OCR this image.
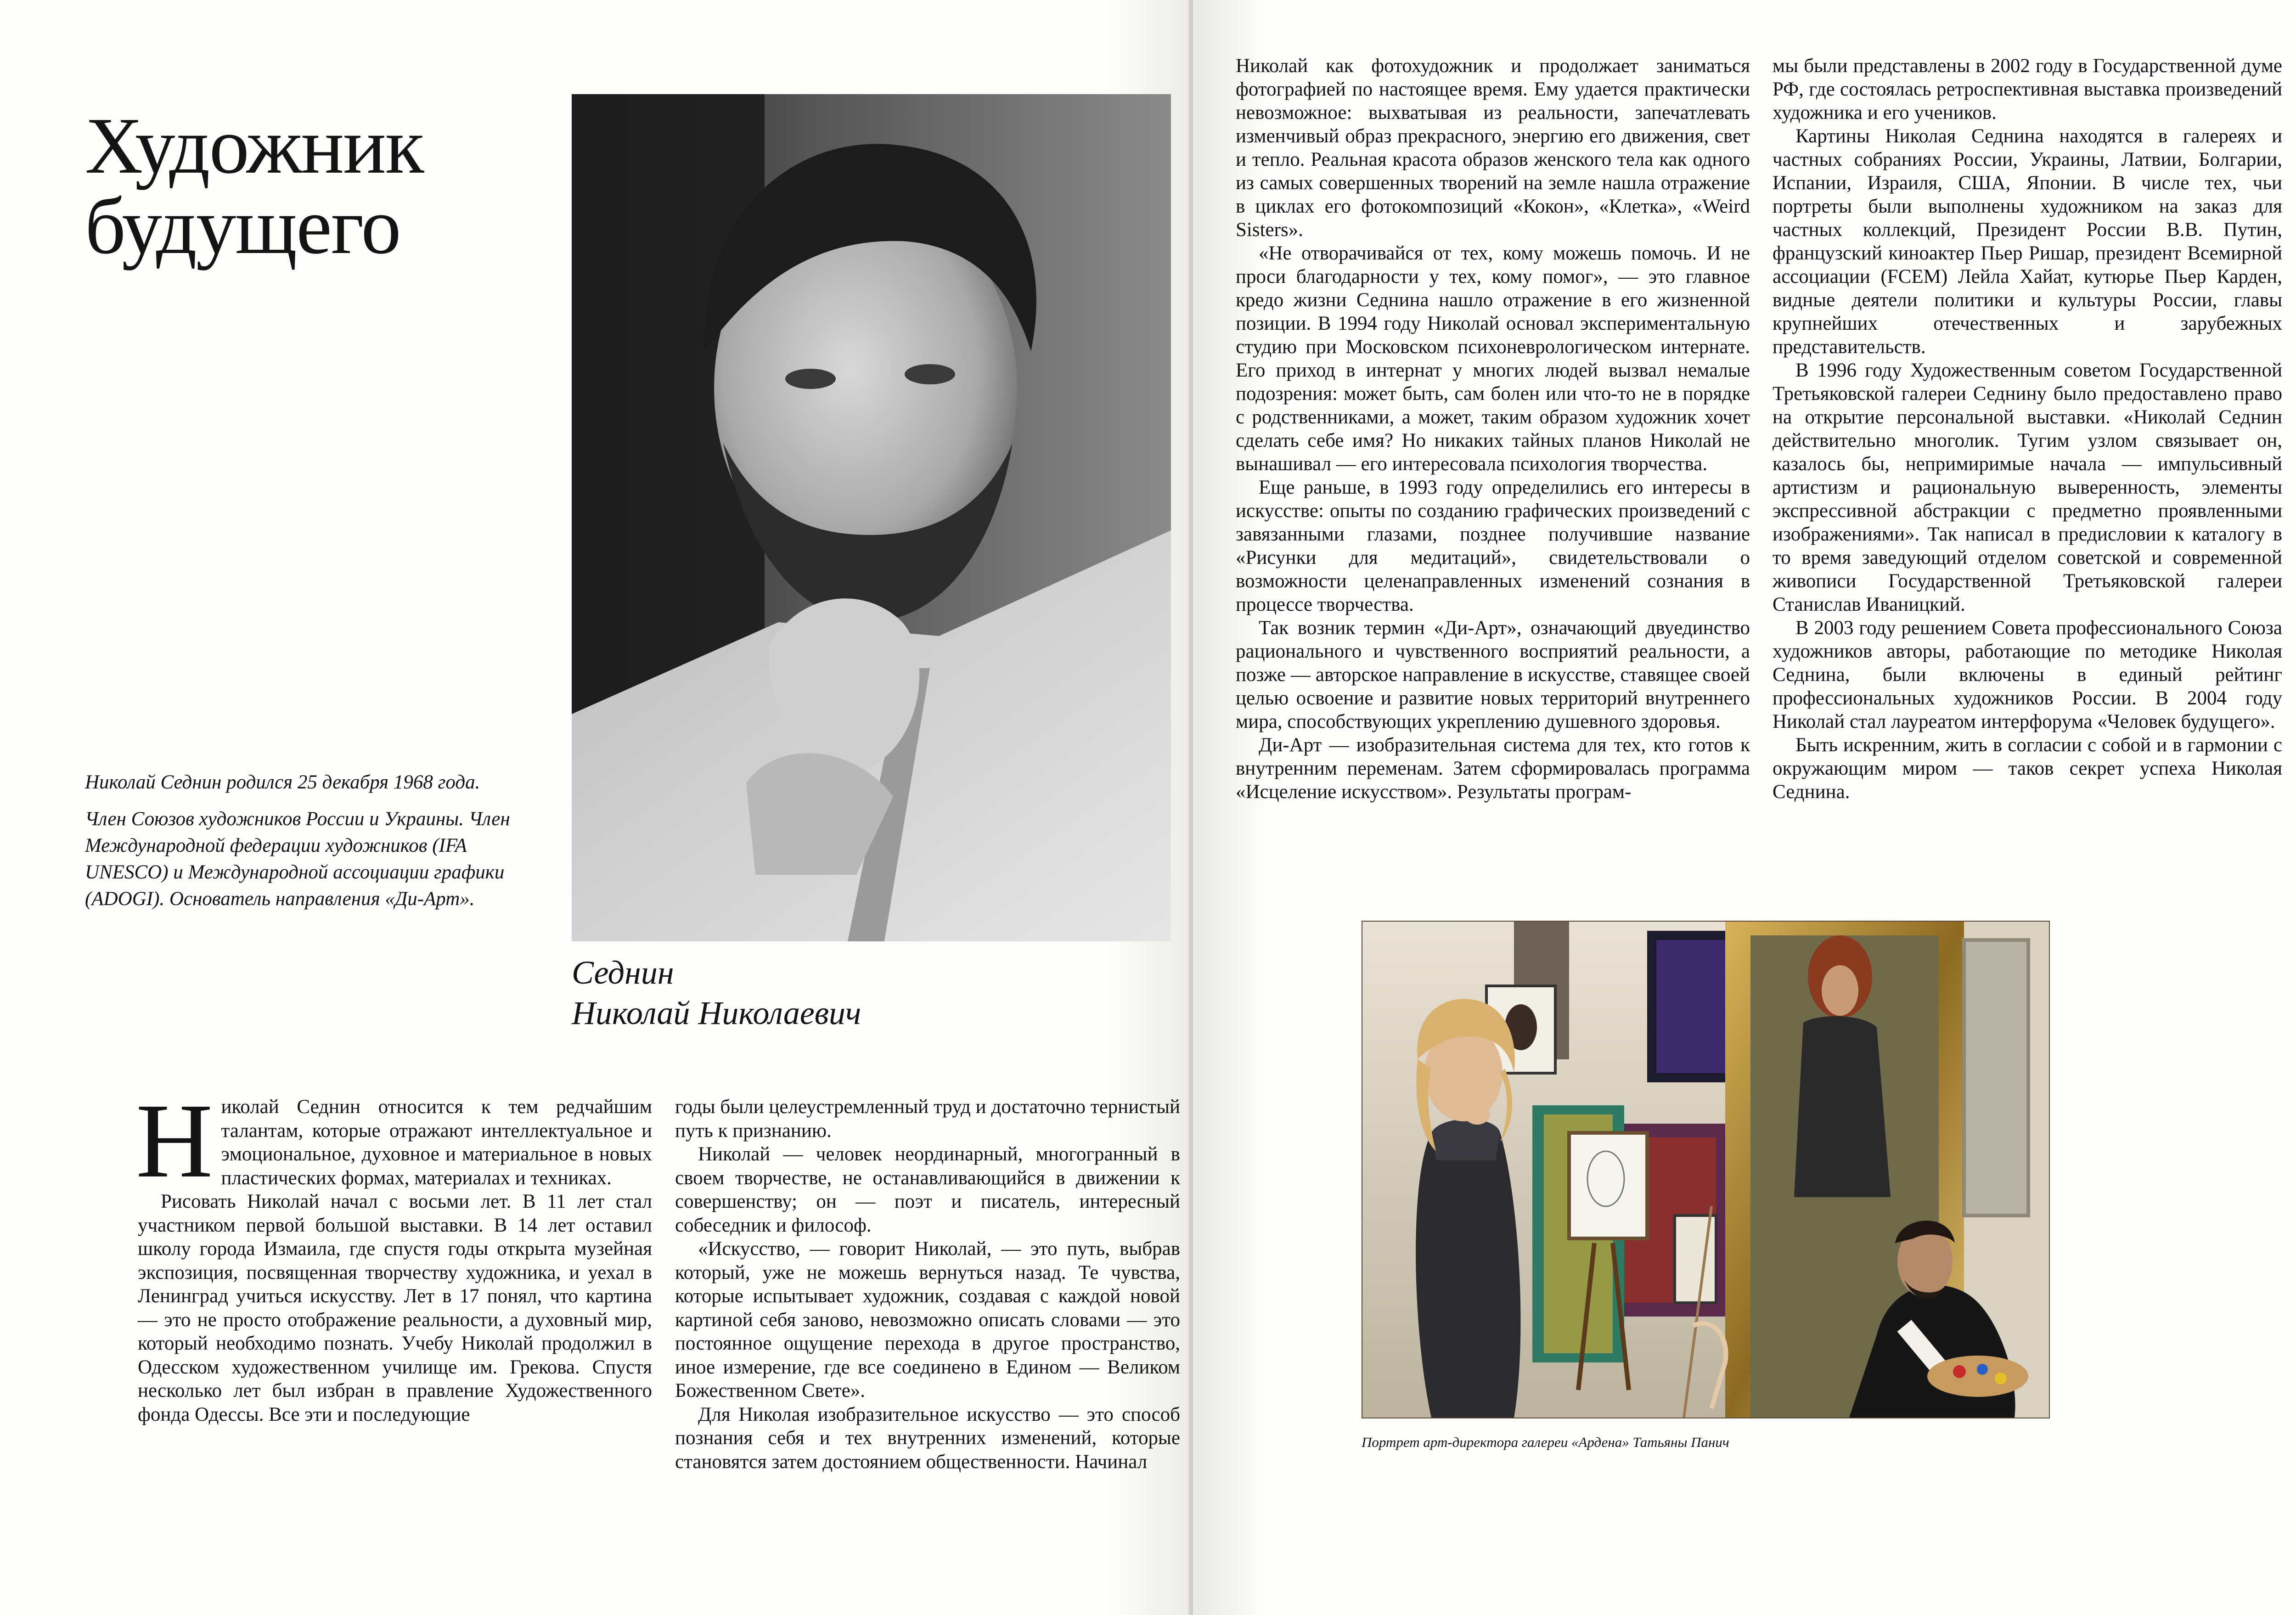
Художник
будущего

Николай Седнин родился 25 декабря 1968 года.

Член Союзов художников России и Украины. Член Международной федерации художников (IFA UNESCO) и Международной ассоциации графики (ADOGI). Основатель направления «Ди-Арт».

Седнин
Николай Николаевич

Николай Седнин относится к тем редчайшим талантам, которые отражают интеллектуальное и эмоциональное, духовное и материальное в новых пластических формах, материалах и техниках.

Рисовать Николай начал с восьми лет. В 11 лет стал участником первой большой выставки. В 14 лет оставил школу города Измаила, где спустя годы открыта музейная экспозиция, посвященная творчеству художника, и уехал в Ленинград учиться искусству. Лет в 17 понял, что картина — это не просто отображение реальности, а духовный мир, который необходимо познать. Учебу Николай продолжил в Одесском художественном училище им. Грекова. Спустя несколько лет был избран в правление Художественного фонда Одессы. Все эти и последующие

годы были целеустремленный труд и достаточно тернистый путь к признанию.

Николай — человек неординарный, многогранный в своем творчестве, не останавливающийся в движении к совершенству; он — поэт и писатель, интересный собеседник и философ.

«Искусство, — говорит Николай, — это путь, выбрав который, уже не можешь вернуться назад. Те чувства, которые испытывает художник, создавая с каждой новой картиной себя заново, невозможно описать словами — это постоянное ощущение перехода в другое пространство, иное измерение, где все соединено в Едином — Великом Божественном Свете».

Для Николая изобразительное искусство — это способ познания себя и тех внутренних изменений, которые становятся затем достоянием общественности. Начинал

Николай как фотохудожник и продолжает заниматься фотографией по настоящее время. Ему удается практически невозможное: выхватывая из реальности, запечатлевать изменчивый образ прекрасного, энергию его движения, свет и тепло. Реальная красота образов женского тела как одного из самых совершенных творений на земле нашла отражение в циклах его фотокомпозиций «Кокон», «Клетка», «Weird Sisters».

«Не отворачивайся от тех, кому можешь помочь. И не проси благодарности у тех, кому помог», — это главное кредо жизни Седнина нашло отражение в его жизненной позиции. В 1994 году Николай основал экспериментальную студию при Московском психоневрологическом интернате. Его приход в интернат у многих людей вызвал немалые подозрения: может быть, сам болен или что-то не в порядке с родственниками, а может, таким образом художник хочет сделать себе имя? Но никаких тайных планов Николай не вынашивал — его интересовала психология творчества.

Еще раньше, в 1993 году определились его интересы в искусстве: опыты по созданию графических произведений с завязанными глазами, позднее получившие название «Рисунки для медитаций», свидетельствовали о возможности целенаправленных изменений сознания в процессе творчества.

Так возник термин «Ди-Арт», означающий двуединство рационального и чувственного восприятий реальности, а позже — авторское направление в искусстве, ставящее своей целью освоение и развитие новых территорий внутреннего мира, способствующих укреплению душевного здоровья.

Ди-Арт — изобразительная система для тех, кто готов к внутренним переменам. Затем сформировалась программа «Исцеление искусством». Результаты програм-

мы были представлены в 2002 году в Государственной думе РФ, где состоялась ретроспективная выставка произведений художника и его учеников.

Картины Николая Седнина находятся в галереях и частных собраниях России, Украины, Латвии, Болгарии, Испании, Израиля, США, Японии. В числе тех, чьи портреты были выполнены художником на заказ для частных коллекций, Президент России В.В. Путин, французский киноактер Пьер Ришар, президент Всемирной ассоциации (FCEM) Лейла Хайат, кутюрье Пьер Карден, видные деятели политики и культуры России, главы крупнейших отечественных и зарубежных представительств.

В 1996 году Художественным советом Государственной Третьяковской галереи Седнину было предоставлено право на открытие персональной выставки. «Николай Седнин действительно многолик. Тугим узлом связывает он, казалось бы, непримиримые начала — импульсивный артистизм и рациональную выверенность, элементы экспрессивной абстракции с предметно проявленными изображениями». Так написал в предисловии к каталогу в то время заведующий отделом советской и современной живописи Государственной Третьяковской галереи Станислав Иваницкий.

В 2003 году решением Совета профессионального Союза художников авторы, работающие по методике Николая Седнина, были включены в единый рейтинг профессиональных художников России. В 2004 году Николай стал лауреатом интерфорума «Человек будущего».

Быть искренним, жить в согласии с собой и в гармонии с окружающим миром — таков секрет успеха Николая Седнина.

Портрет арт-директора галереи «Ардена» Татьяны Панич
